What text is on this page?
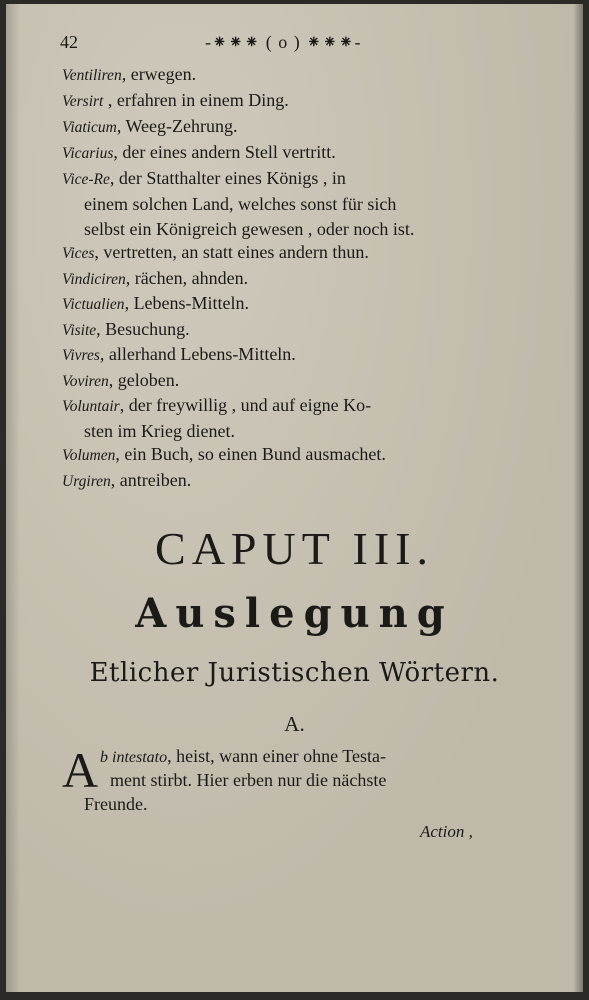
42	-⁕⁕⁕ ( o ) ⁕⁕⁕-
Ventiliren, erwegen.
Versirt , erfahren in einem Ding.
Viaticum, Weeg-Zehrung.
Vicarius, der eines andern Stell vertritt.
Vice-Re, der Statthalter eines Königs , in
einem solchen Land, welches sonst für sich
selbst ein Königreich gewesen , oder noch ist.
Vices, vertretten, an statt eines andern thun.
Vindiciren, rächen, ahnden.
Victualien, Lebens-Mitteln.
Visite, Besuchung.
Vivres, allerhand Lebens-Mitteln.
Voviren, geloben.
Voluntair, der freywillig , und auf eigne Ko-
sten im Krieg dienet.
Volumen, ein Buch, so einen Bund ausmachet.
Urgiren, antreiben.
CAPUT III.
Auslegung
Etlicher Juristischen Wörtern.
A.
A b intestato, heist, wann einer ohne Testa-
ment stirbt. Hier erben nur die nächste
Freunde.
Action ,
